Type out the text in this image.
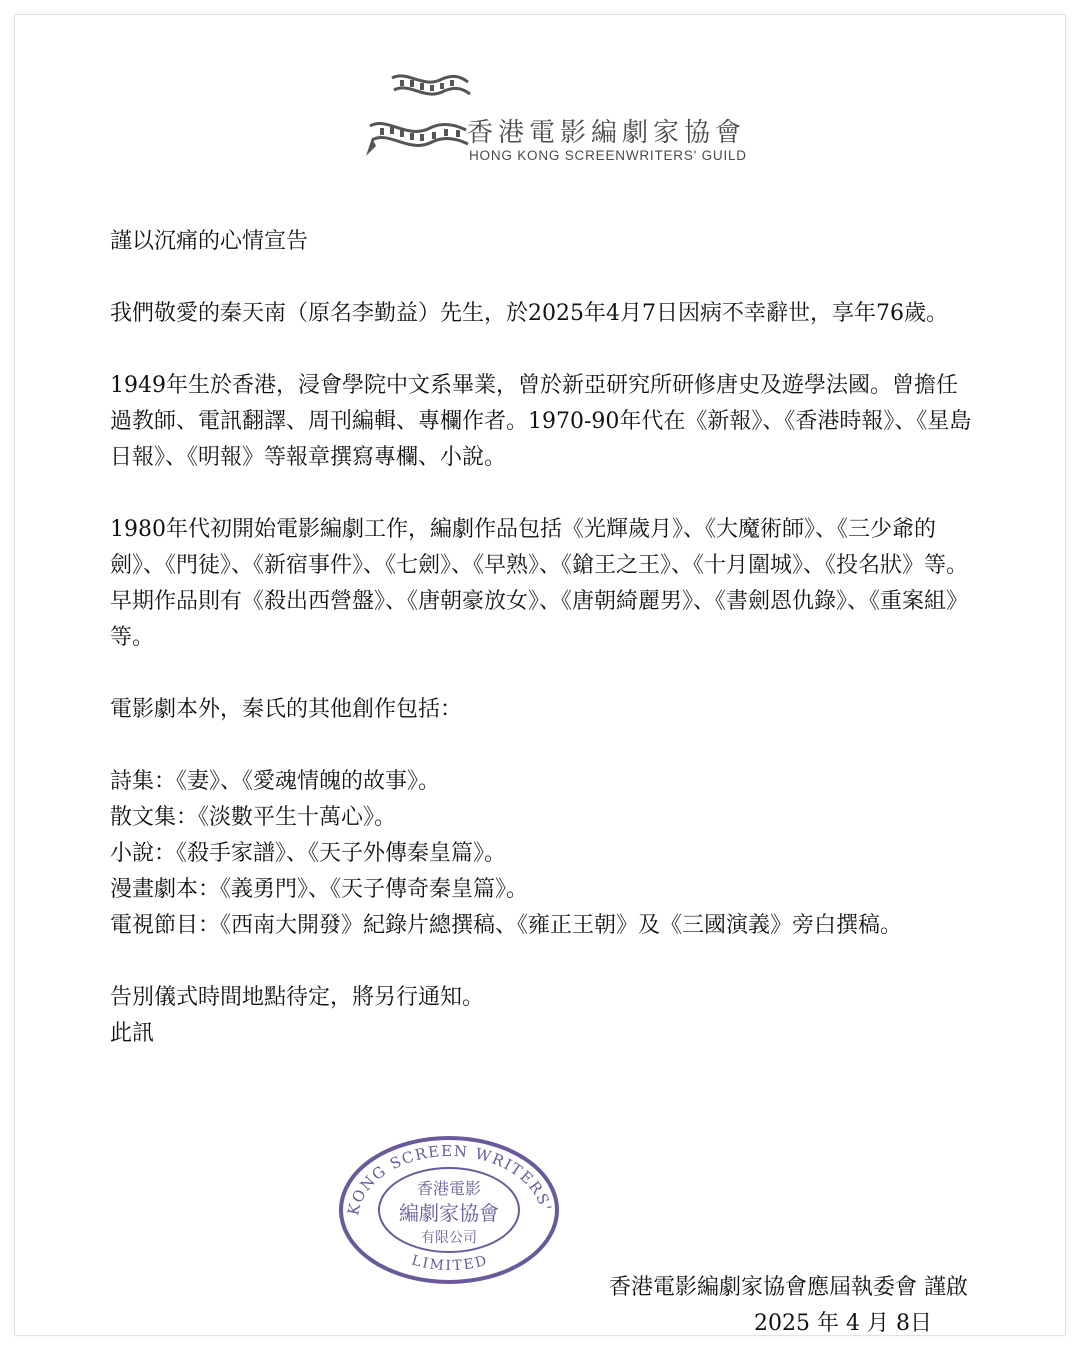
香港電影編劇家協會
HONG KONG SCREENWRITERS' GUILD

謹以沉痛的心情宣告

我們敬愛的秦天南（原名李勤益）先生，於2025年4月7日因病不幸辭世，享年76歲。

1949年生於香港，浸會學院中文系畢業，曾於新亞研究所研修唐史及遊學法國。曾擔任過教師、電訊翻譯、周刊編輯、專欄作者。1970-90年代在《新報》、《香港時報》、《星島日報》、《明報》等報章撰寫專欄、小說。

1980年代初開始電影編劇工作，編劇作品包括《光輝歲月》、《大魔術師》、《三少爺的劍》、《門徒》、《新宿事件》、《七劍》、《早熟》、《鎗王之王》、《十月圍城》、《投名狀》等。早期作品則有《殺出西營盤》、《唐朝豪放女》、《唐朝綺麗男》、《書劍恩仇錄》、《重案組》 等。

電影劇本外，秦氏的其他創作包括：

詩集：《妻》、《愛魂情魄的故事》。

散文集：《淡數平生十萬心》。

小說：《殺手家譜》、《天子外傳秦皇篇》。

漫畫劇本：《義勇門》、《天子傳奇秦皇篇》。

電視節目：《西南大開發》紀錄片總撰稿、《雍正王朝》及《三國演義》旁白撰稿。

告別儀式時間地點待定，將另行通知。

此訊

KONG SCREEN WRITERS'
LIMITED
香港電影
編劇家協會
有限公司
香港電影編劇家協會應屆執委會 謹啟
2025 年 4 月 8日
